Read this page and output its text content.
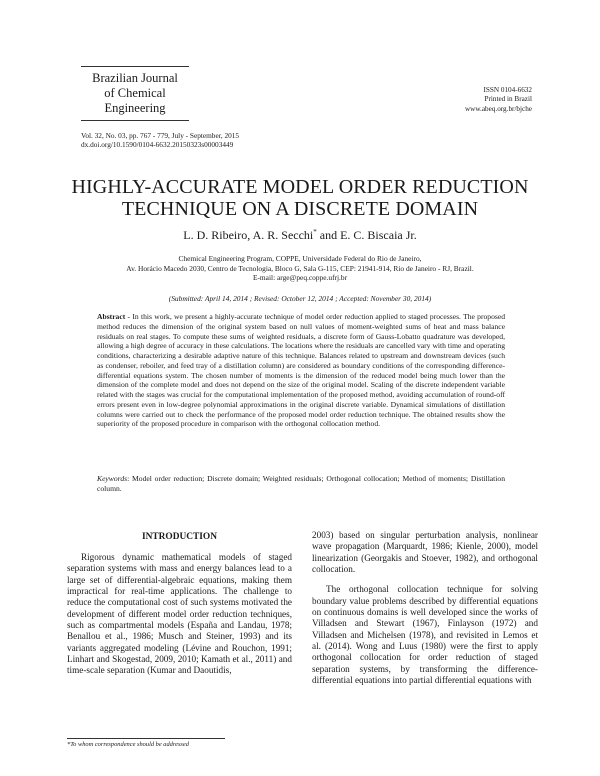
Brazilian Journal
of Chemical
Engineering
ISSN 0104-6632
Printed in Brazil
www.abeq.org.br/bjche
Vol. 32, No. 03, pp. 767 - 779, July - September, 2015
dx.doi.org/10.1590/0104-6632.20150323s00003449
HIGHLY-ACCURATE MODEL ORDER REDUCTION
TECHNIQUE ON A DISCRETE DOMAIN
L. D. Ribeiro, A. R. Secchi* and E. C. Biscaia Jr.
Chemical Engineering Program, COPPE, Universidade Federal do Rio de Janeiro,
Av. Horácio Macedo 2030, Centro de Tecnologia, Bloco G, Sala G-115, CEP: 21941-914, Rio de Janeiro - RJ, Brazil.
E-mail: arge@peq.coppe.ufrj.br
(Submitted: April 14, 2014 ; Revised: October 12, 2014 ; Accepted: November 30, 2014)
Abstract - In this work, we present a highly-accurate technique of model order reduction applied to staged processes. The proposed method reduces the dimension of the original system based on null values of moment-weighted sums of heat and mass balance residuals on real stages. To compute these sums of weighted residuals, a discrete form of Gauss-Lobatto quadrature was developed, allowing a high degree of accuracy in these calculations. The locations where the residuals are cancelled vary with time and operating conditions, characterizing a desirable adaptive nature of this technique. Balances related to upstream and downstream devices (such as condenser, reboiler, and feed tray of a distillation column) are considered as boundary conditions of the corresponding difference-differential equations system. The chosen number of moments is the dimension of the reduced model being much lower than the dimension of the complete model and does not depend on the size of the original model. Scaling of the discrete independent variable related with the stages was crucial for the computational implementation of the proposed method, avoiding accumulation of round-off errors present even in low-degree polynomial approximations in the original discrete variable. Dynamical simulations of distillation columns were carried out to check the performance of the proposed model order reduction technique. The obtained results show the superiority of the proposed procedure in comparison with the orthogonal collocation method.
Keywords: Model order reduction; Discrete domain; Weighted residuals; Orthogonal collocation; Method of moments; Distillation column.
INTRODUCTION

Rigorous dynamic mathematical models of staged separation systems with mass and energy balances lead to a large set of differential-algebraic equations, making them impractical for real-time applications. The challenge to reduce the computational cost of such systems motivated the development of different model order reduction techniques, such as compartmental models (España and Landau, 1978; Benallou et al., 1986; Musch and Steiner, 1993) and its variants aggregated modeling (Lévine and Rouchon, 1991; Linhart and Skogestad, 2009, 2010; Kamath et al., 2011) and time-scale separation (Kumar and Daoutidis,

2003) based on singular perturbation analysis, nonlinear wave propagation (Marquardt, 1986; Kienle, 2000), model linearization (Georgakis and Stoever, 1982), and orthogonal collocation.

The orthogonal collocation technique for solving boundary value problems described by differential equations on continuous domains is well developed since the works of Villadsen and Stewart (1967), Finlayson (1972) and Villadsen and Michelsen (1978), and revisited in Lemos et al. (2014). Wong and Luus (1980) were the first to apply orthogonal collocation for order reduction of staged separation systems, by transforming the difference-differential equations into partial differential equations with

*To whom correspondence should be addressed
